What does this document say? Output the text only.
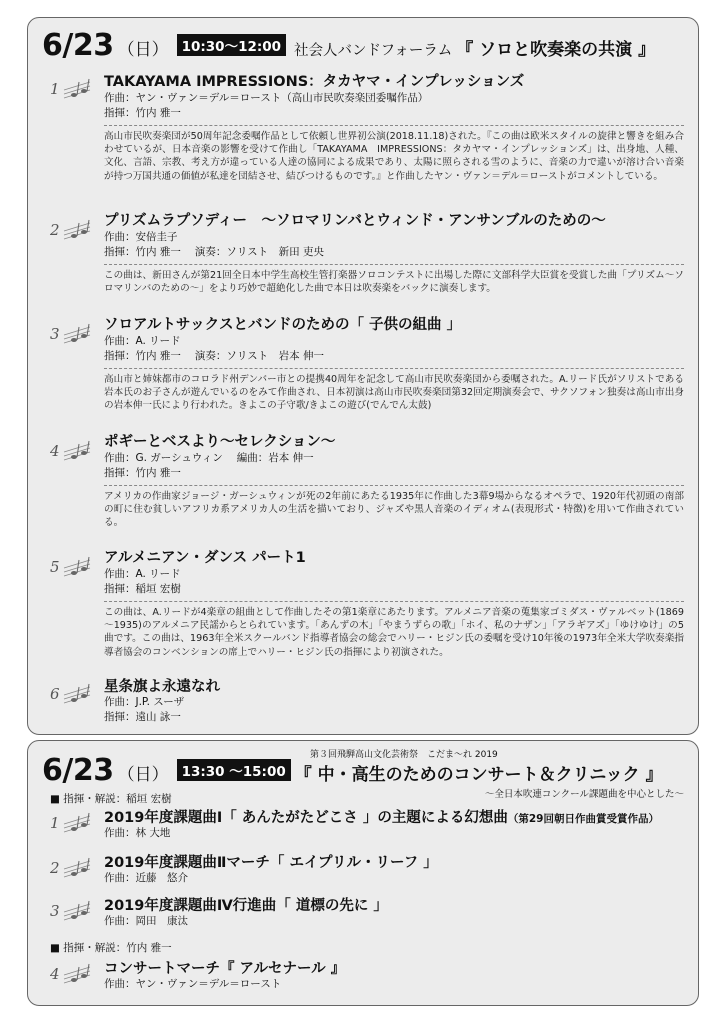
6/23 （日） 10:30～12:00 社会人バンドフォーラム 『 ソロと吹奏楽の共演 』
1	TAKAYAMA IMPRESSIONS：タカヤマ・インプレッションズ
作曲：ヤン・ヴァン＝デル＝ロースト（高山市民吹奏楽団委嘱作品）
指揮：竹内 雅一
高山市民吹奏楽団が50周年記念委嘱作品として依頼し世界初公演(2018.11.18)された。『この曲は欧米スタイルの旋律と響きを組み合わせているが、日本音楽の影響を受けて作曲し「TAKAYAMA　IMPRESSIONS：タカヤマ・インプレッションズ」は、出身地、人種、文化、言語、宗教、考え方が違っている人達の協同による成果であり、太陽に照らされる雪のように、音楽の力で違いが溶け合い音楽が持つ万国共通の価値が私達を団結させ、結びつけるものです。』と作曲したヤン・ヴァン＝デル＝ローストがコメントしている。
2	プリズムラプソディー　～ソロマリンバとウィンド・アンサンブルのための～
作曲：安倍圭子
指揮：竹内 雅一 演奏：ソリスト　新田 吏央
この曲は、新田さんが第21回全日本中学生高校生管打楽器ソロコンテストに出場した際に文部科学大臣賞を受賞した曲「プリズム～ソロマリンバのための～」をより巧妙で超絶化した曲で本日は吹奏楽をバックに演奏します。
3	ソロアルトサックスとバンドのための「 子供の組曲 」
作曲：A. リード
指揮：竹内 雅一 演奏：ソリスト　岩本 伸一
高山市と姉妹都市のコロラド州デンバー市との提携40周年を記念して高山市民吹奏楽団から委嘱された。A.リード氏がソリストである岩本氏のお子さんが遊んでいるのをみて作曲され、日本初演は高山市民吹奏楽団第32回定期演奏会で、サクソフォン独奏は高山市出身の岩本伸一氏により行われた。きよこの子守歌/きよこの遊び(でんでん太鼓)
4	ポギーとベスより～セレクション～
作曲：G. ガーシュウィン 編曲：岩本 伸一
指揮：竹内 雅一
アメリカの作曲家ジョージ・ガーシュウィンが死の2年前にあたる1935年に作曲した3幕9場からなるオペラで、1920年代初頭の南部の町に住む貧しいアフリカ系アメリカ人の生活を描いており、ジャズや黒人音楽のイディオム(表現形式・特徴)を用いて作曲されている。
5	アルメニアン・ダンス パート1
作曲：A. リード
指揮：稲垣 宏樹
この曲は、A.リードが4楽章の組曲として作曲したその第1楽章にあたります。アルメニア音楽の蒐集家ゴミダス・ヴァルベット(1869～1935)のアルメニア民謡からとられています。「あんずの木」「やまうずらの歌」「ホイ、私のナザン」「アラギアズ」「ゆけゆけ」の5曲です。この曲は、1963年全米スクールバンド指導者協会の総会でハリー・ヒジン氏の委嘱を受け10年後の1973年全米大学吹奏楽指導者協会のコンベンションの席上でハリー・ヒジン氏の指揮により初演された。
6	星条旗よ永遠なれ
作曲：J.P. スーザ
指揮：遠山 詠一
第３回飛騨高山文化芸術祭　こだま～れ 2019
6/23 （日） 13:30 ～15:00 『 中・高生のためのコンサート＆クリニック 』
～全日本吹連コンクール課題曲を中心とした～
■ 指揮・解説：稲垣 宏樹
1	2019年度課題曲Ⅰ「 あんたがたどこさ 」の主題による幻想曲（第29回朝日作曲賞受賞作品）
作曲：林 大地
2	2019年度課題曲Ⅱマーチ「 エイプリル・リーフ 」
作曲：近藤　悠介
3	2019年度課題曲Ⅳ行進曲「 道標の先に 」
作曲：岡田　康汰
■ 指揮・解説：竹内 雅一
4	コンサートマーチ『 アルセナール 』
作曲：ヤン・ヴァン＝デル＝ロースト
